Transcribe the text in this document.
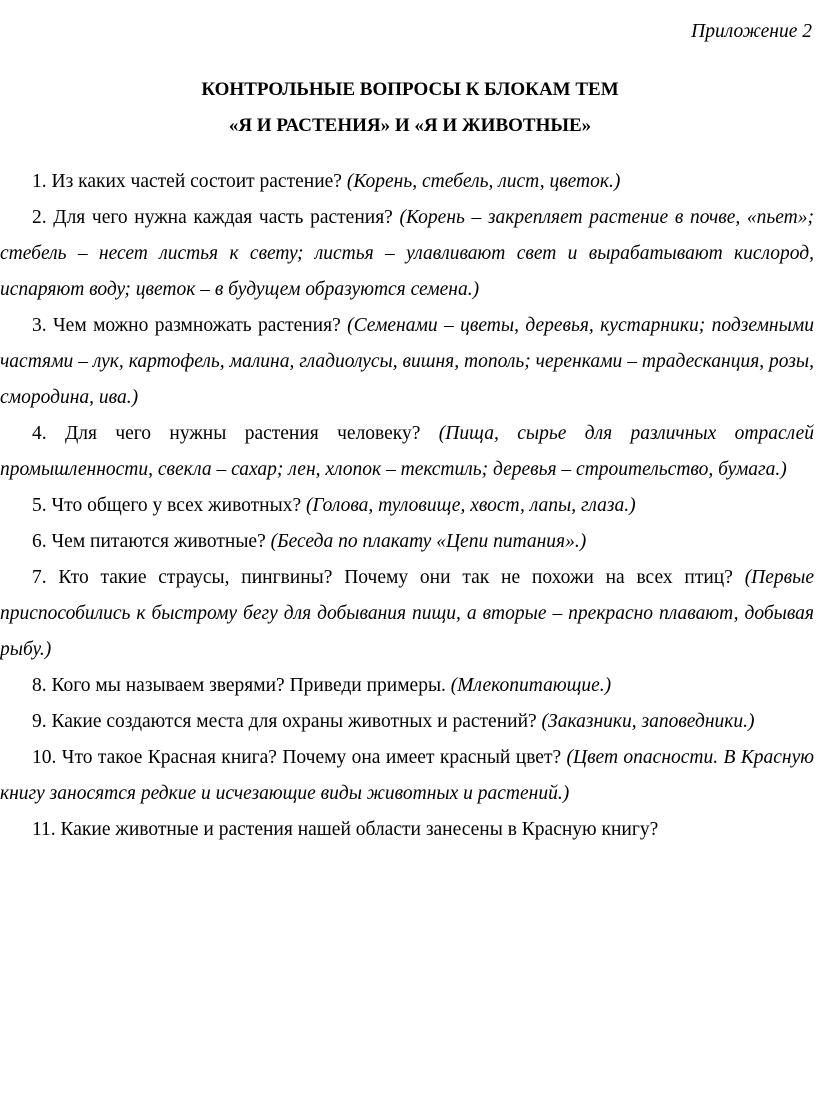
Приложение 2

КОНТРОЛЬНЫЕ ВОПРОСЫ К БЛОКАМ ТЕМ
«Я И РАСТЕНИЯ» И «Я И ЖИВОТНЫЕ»

1. Из каких частей состоит растение? (Корень, стебель, лист, цветок.)

2. Для чего нужна каждая часть растения? (Корень – закрепляет растение в почве, «пьет»; стебель – несет листья к свету; листья – улавливают свет и вырабатывают кислород, испаряют воду; цветок – в будущем образуются семена.)

3. Чем можно размножать растения? (Семенами – цветы, деревья, кустарники; подземными частями – лук, картофель, малина, гладиолусы, вишня, тополь; черенками – традесканция, розы, смородина, ива.)

4. Для чего нужны растения человеку? (Пища, сырье для различных отраслей промышленности, свекла – сахар; лен, хлопок – текстиль; деревья – строительство, бумага.)

5. Что общего у всех животных? (Голова, туловище, хвост, лапы, глаза.)

6. Чем питаются животные? (Беседа по плакату «Цепи питания».)

7. Кто такие страусы, пингвины? Почему они так не похожи на всех птиц? (Первые приспособились к быстрому бегу для добывания пищи, а вторые – прекрасно плавают, добывая рыбу.)

8. Кого мы называем зверями? Приведи примеры. (Млекопитающие.)

9. Какие создаются места для охраны животных и растений? (Заказники, заповедники.)

10. Что такое Красная книга? Почему она имеет красный цвет? (Цвет опасности. В Красную книгу заносятся редкие и исчезающие виды животных и растений.)

11. Какие животные и растения нашей области занесены в Красную книгу?
